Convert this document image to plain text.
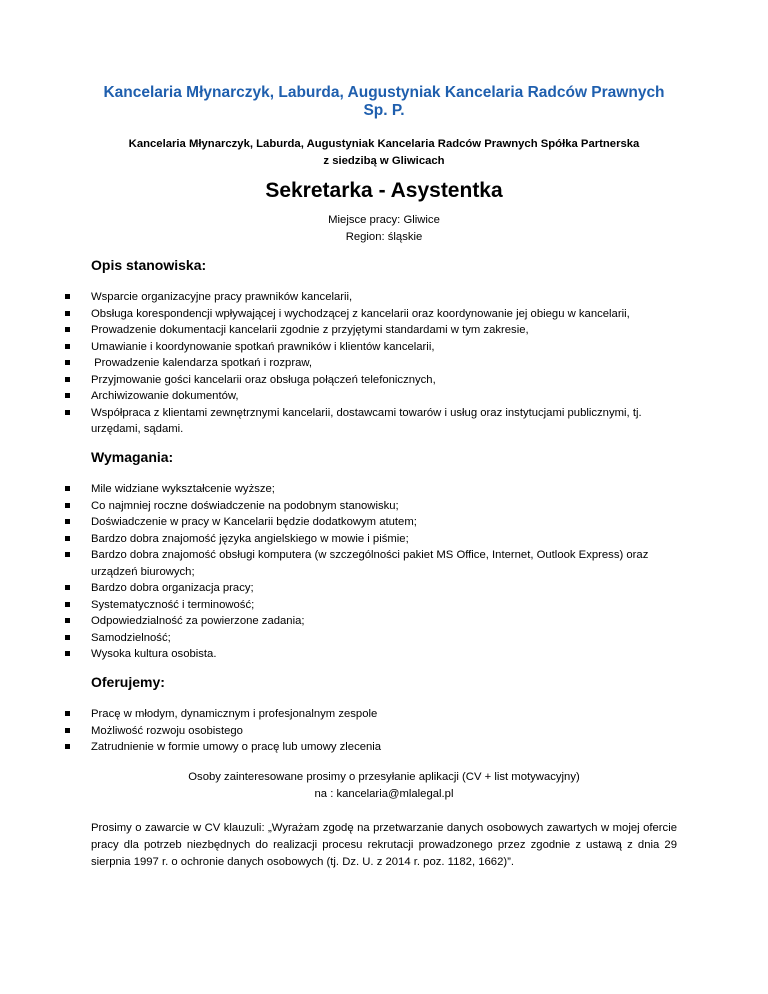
Kancelaria Młynarczyk, Laburda, Augustyniak Kancelaria Radców Prawnych
Sp. P.

Kancelaria Młynarczyk, Laburda, Augustyniak Kancelaria Radców Prawnych Spółka Partnerska
z siedzibą w Gliwicach

Sekretarka - Asystentka
Miejsce pracy: Gliwice
Region: śląskie
Opis stanowiska:
Wsparcie organizacyjne pracy prawników kancelarii,
Obsługa korespondencji wpływającej i wychodzącej z kancelarii oraz koordynowanie jej obiegu w kancelarii,
Prowadzenie dokumentacji kancelarii zgodnie z przyjętymi standardami w tym zakresie,
Umawianie i koordynowanie spotkań prawników i klientów kancelarii,
Prowadzenie kalendarza spotkań i rozpraw,
Przyjmowanie gości kancelarii oraz obsługa połączeń telefonicznych,
Archiwizowanie dokumentów,
Współpraca z klientami zewnętrznymi kancelarii, dostawcami towarów i usług oraz instytucjami publicznymi, tj. urzędami, sądami.
Wymagania:
Mile widziane wykształcenie wyższe;
Co najmniej roczne doświadczenie na podobnym stanowisku;
Doświadczenie w pracy w Kancelarii będzie dodatkowym atutem;
Bardzo dobra znajomość języka angielskiego w mowie i piśmie;
Bardzo dobra znajomość obsługi komputera (w szczególności pakiet MS Office, Internet, Outlook Express) oraz urządzeń biurowych;
Bardzo dobra organizacja pracy;
Systematyczność i terminowość;
Odpowiedzialność za powierzone zadania;
Samodzielność;
Wysoka kultura osobista.
Oferujemy:
Pracę w młodym, dynamicznym i profesjonalnym zespole
Możliwość rozwoju osobistego
Zatrudnienie w formie umowy o pracę lub umowy zlecenia
Osoby zainteresowane prosimy o przesyłanie aplikacji (CV + list motywacyjny)
na : kancelaria@mlalegal.pl

Prosimy o zawarcie w CV klauzuli: „Wyrażam zgodę na przetwarzanie danych osobowych zawartych w mojej ofercie pracy dla potrzeb niezbędnych do realizacji procesu rekrutacji prowadzonego przez zgodnie z ustawą z dnia 29 sierpnia 1997 r. o ochronie danych osobowych (tj. Dz. U. z 2014 r. poz. 1182, 1662)”.
